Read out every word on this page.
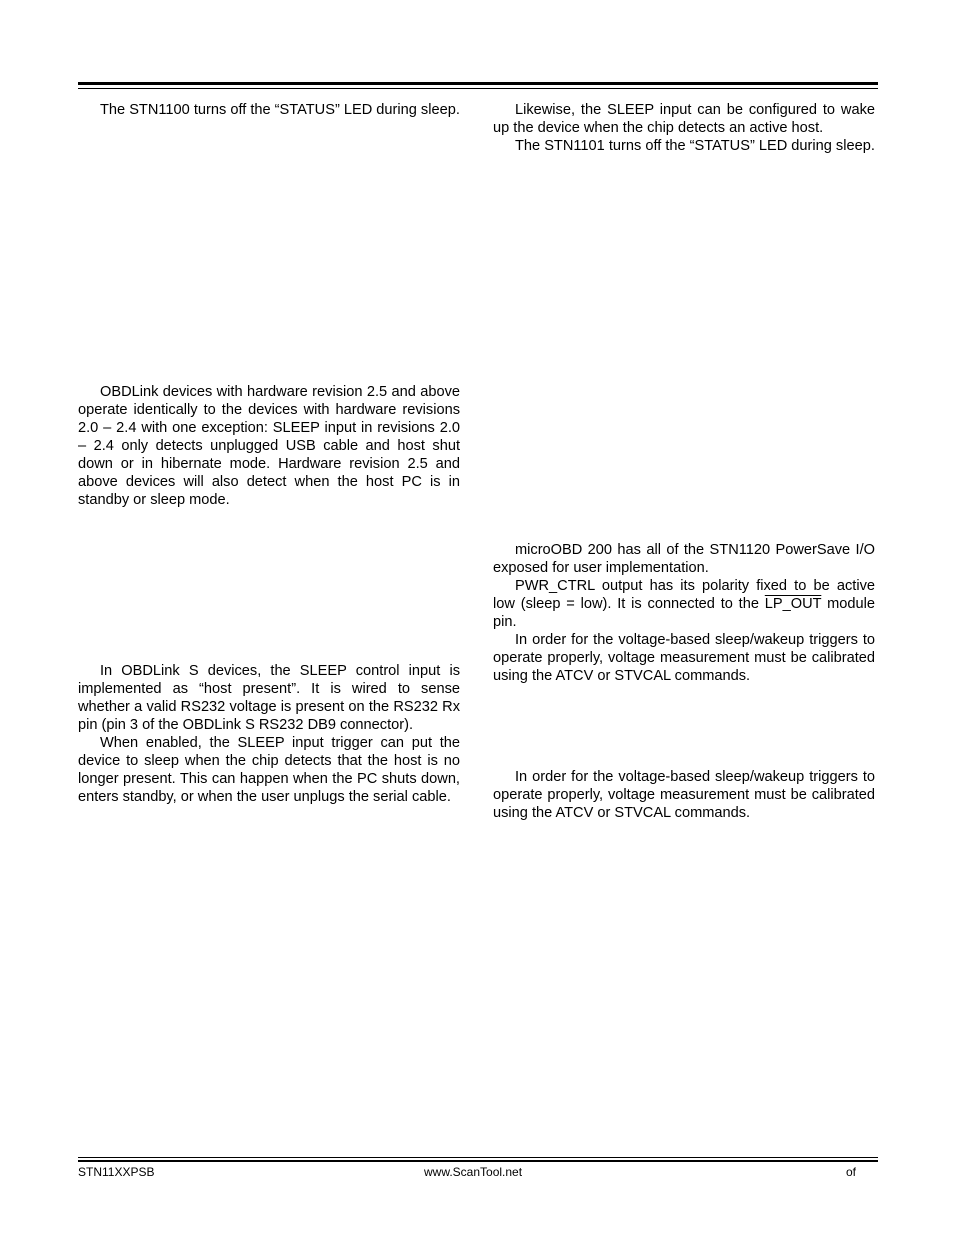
The STN1100 turns off the “STATUS” LED during sleep.

OBDLink devices with hardware revision 2.5 and above operate identically to the devices with hardware revisions 2.0 – 2.4 with one exception: SLEEP input in revisions 2.0 – 2.4 only detects unplugged USB cable and host shut down or in hibernate mode. Hardware revision 2.5 and above devices will also detect when the host PC is in standby or sleep mode.

In OBDLink S devices, the SLEEP control input is implemented as “host present”. It is wired to sense whether a valid RS232 voltage is present on the RS232 Rx pin (pin 3 of the OBDLink S RS232 DB9 connector).

When enabled, the SLEEP input trigger can put the device to sleep when the chip detects that the host is no longer present. This can happen when the PC shuts down, enters standby, or when the user unplugs the serial cable.

Likewise, the SLEEP input can be configured to wake up the device when the chip detects an active host.

The STN1101 turns off the “STATUS” LED during sleep.

microOBD 200 has all of the STN1120 PowerSave I/O exposed for user implementation.

PWR_CTRL output has its polarity fixed to be active low (sleep = low). It is connected to the LP_OUT module pin.

In order for the voltage-based sleep/wakeup triggers to operate properly, voltage measurement must be calibrated using the ATCV or STVCAL commands.

In order for the voltage-based sleep/wakeup triggers to operate properly, voltage measurement must be calibrated using the ATCV or STVCAL commands.

STN11XXPSB	www.ScanTool.net	of
